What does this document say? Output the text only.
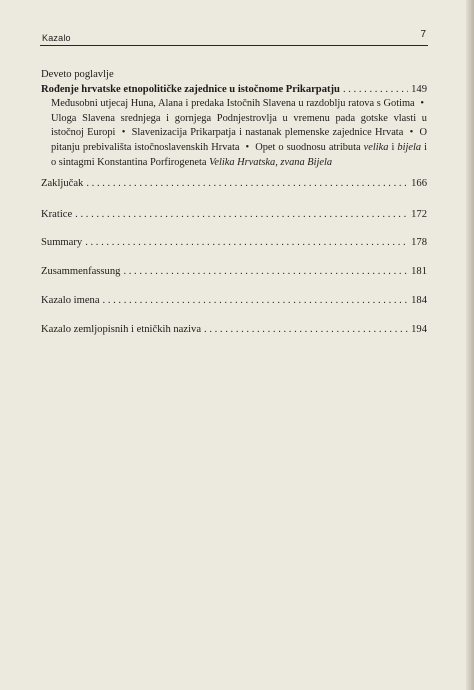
Kazalo	7
Deveto poglavlje
Rođenje hrvatske etnopolitičke zajednice u istočnome Prikarpatju . . .	149

Međusobni utjecaj Huna, Alana i predaka Istočnih Slavena u razdoblju ratova s Gotima • Uloga Slavena srednjega i gornjega Podnjestrovlja u vremenu pada gotske vlasti u istočnoj Europi • Slavenizacija Prikarpatja i nastanak plemenske zajednice Hrvata • O pitanju prebivališta istočnoslavenskih Hrvata • Opet o suodnosu atributa velika i bijela i o sintagmi Konstantina Porfirogeneta Velika Hrvatska, zvana Bijela

Zaključak . . .	166
Kratice . . .	172
Summary . . .	178
Zusammenfassung . . .	181
Kazalo imena . . .	184
Kazalo zemljopisnih i etničkih naziva . . .	194
